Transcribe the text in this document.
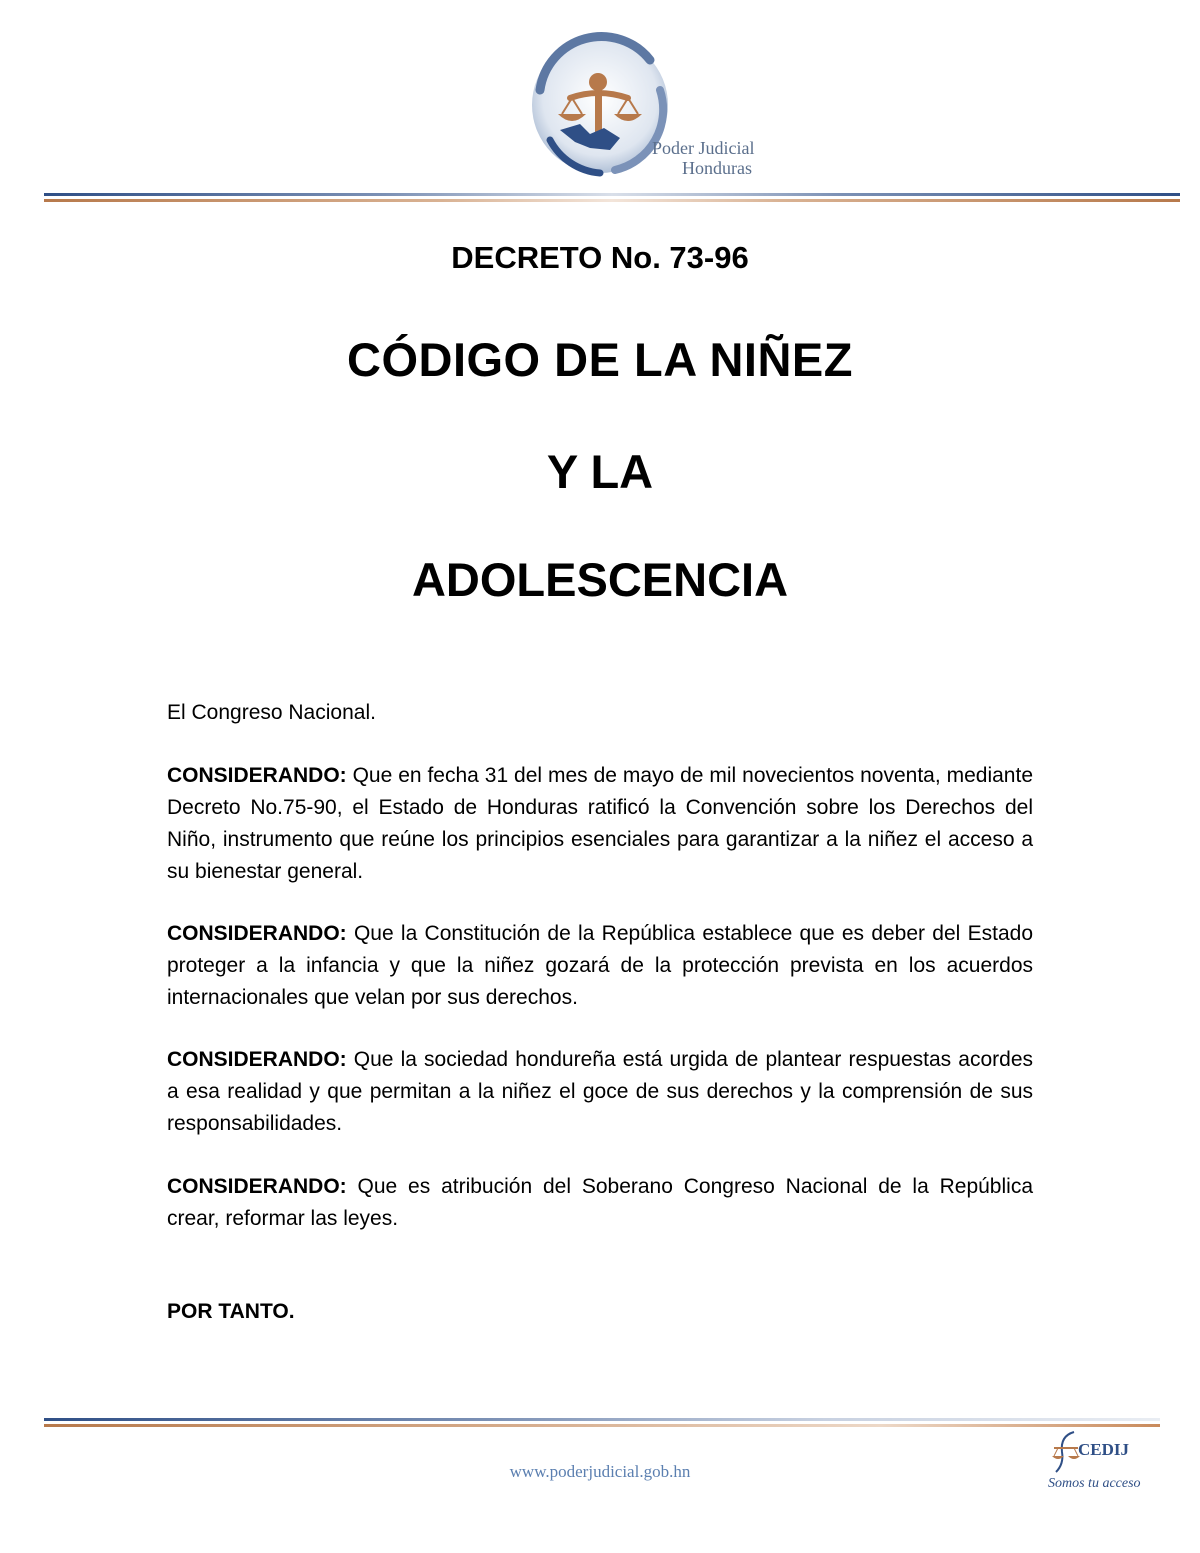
Poder Judicial
Honduras
DECRETO No. 73-96
CÓDIGO DE LA NIÑEZ
Y LA
ADOLESCENCIA
El Congreso Nacional.
CONSIDERANDO: Que en fecha 31 del mes de mayo de mil novecientos noventa, mediante Decreto No.75-90, el Estado de Honduras ratificó la Convención sobre los Derechos del Niño, instrumento que reúne los principios esenciales para garantizar a la niñez el acceso a su bienestar general.
CONSIDERANDO: Que la Constitución de la República establece que es deber del Estado proteger a la infancia y que la niñez gozará de la protección prevista en los acuerdos internacionales que velan por sus derechos.
CONSIDERANDO: Que la sociedad hondureña está urgida de plantear respuestas acordes a esa realidad y que permitan a la niñez el goce de sus derechos y la comprensión de sus responsabilidades.
CONSIDERANDO: Que es atribución del Soberano Congreso Nacional de la República crear, reformar las leyes.
POR TANTO.
www.poderjudicial.gob.hn
CEDIJ
Somos tu acceso
